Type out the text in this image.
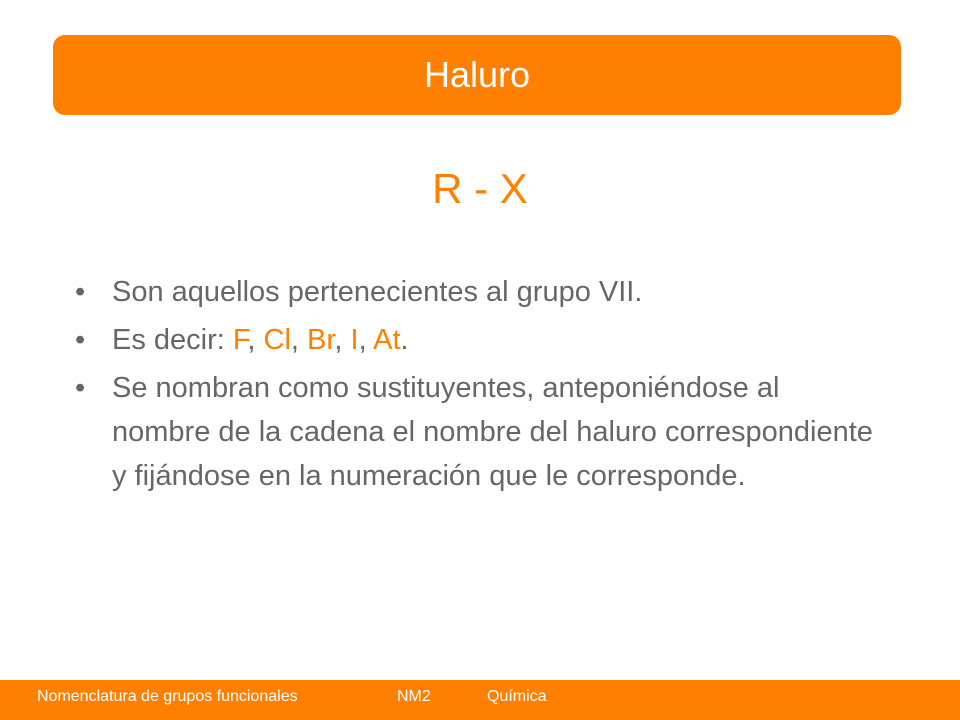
Haluro
R - X
• Son aquellos pertenecientes al grupo VII.
• Es decir: F, Cl, Br, I, At.
• Se nombran como sustituyentes, anteponiéndose al nombre de la cadena el nombre del haluro correspondiente y fijándose en la numeración que le corresponde.
Nomenclatura de grupos funcionales	NM2	Química
